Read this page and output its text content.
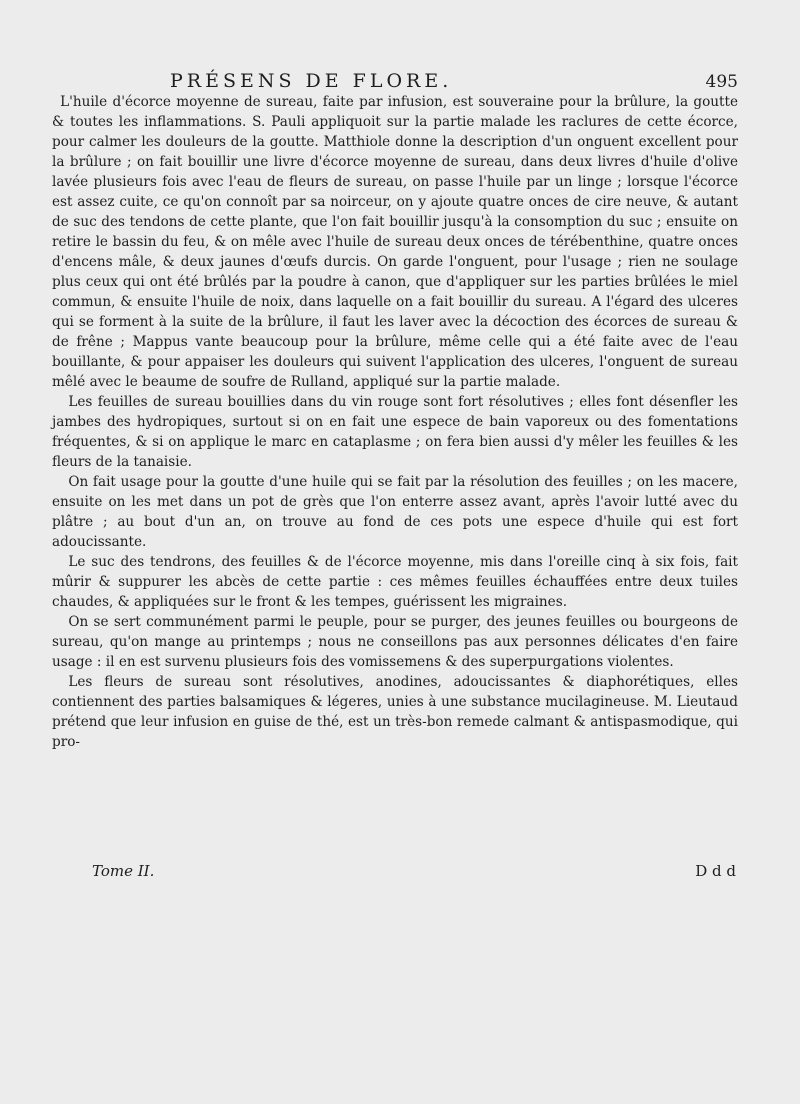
PRÉSENS DE FLORE.	495

L'huile d'écorce moyenne de sureau, faite par infusion, est souveraine pour la brûlure, la goutte & toutes les inflammations. S. Pauli appliquoit sur la partie malade les raclures de cette écorce, pour calmer les douleurs de la goutte. Matthiole donne la description d'un onguent excellent pour la brûlure ; on fait bouillir une livre d'écorce moyenne de sureau, dans deux livres d'huile d'olive lavée plusieurs fois avec l'eau de fleurs de sureau, on passe l'huile par un linge ; lorsque l'écorce est assez cuite, ce qu'on connoît par sa noirceur, on y ajoute quatre onces de cire neuve, & autant de suc des tendons de cette plante, que l'on fait bouillir jusqu'à la consomption du suc ; ensuite on retire le bassin du feu, & on mêle avec l'huile de sureau deux onces de térébenthine, quatre onces d'encens mâle, & deux jaunes d'œufs durcis. On garde l'onguent, pour l'usage ; rien ne soulage plus ceux qui ont été brûlés par la poudre à canon, que d'appliquer sur les parties brûlées le miel commun, & ensuite l'huile de noix, dans laquelle on a fait bouillir du sureau. A l'égard des ulceres qui se forment à la suite de la brûlure, il faut les laver avec la décoction des écorces de sureau & de frêne ; Mappus vante beaucoup pour la brûlure, même celle qui a été faite avec de l'eau bouillante, & pour appaiser les douleurs qui suivent l'application des ulceres, l'onguent de sureau mêlé avec le beaume de soufre de Rulland, appliqué sur la partie malade.

Les feuilles de sureau bouillies dans du vin rouge sont fort résolutives ; elles font désenfler les jambes des hydropiques, surtout si on en fait une espece de bain vaporeux ou des fomentations fréquentes, & si on applique le marc en cataplasme ; on fera bien aussi d'y mêler les feuilles & les fleurs de la tanaisie.

On fait usage pour la goutte d'une huile qui se fait par la résolution des feuilles ; on les macere, ensuite on les met dans un pot de grès que l'on enterre assez avant, après l'avoir lutté avec du plâtre ; au bout d'un an, on trouve au fond de ces pots une espece d'huile qui est fort adoucissante.

Le suc des tendrons, des feuilles & de l'écorce moyenne, mis dans l'oreille cinq à six fois, fait mûrir & suppurer les abcès de cette partie : ces mêmes feuilles échauffées entre deux tuiles chaudes, & appliquées sur le front & les tempes, guérissent les migraines.

On se sert communément parmi le peuple, pour se purger, des jeunes feuilles ou bourgeons de sureau, qu'on mange au printemps ; nous ne conseillons pas aux personnes délicates d'en faire usage : il en est survenu plusieurs fois des vomissemens & des superpurgations violentes.

Les fleurs de sureau sont résolutives, anodines, adoucissantes & diaphorétiques, elles contiennent des parties balsamiques & légeres, unies à une substance mucilagineuse. M. Lieutaud prétend que leur infusion en guise de thé, est un très-bon remede calmant & antispasmodique, qui pro-

Tome II.	D d d
